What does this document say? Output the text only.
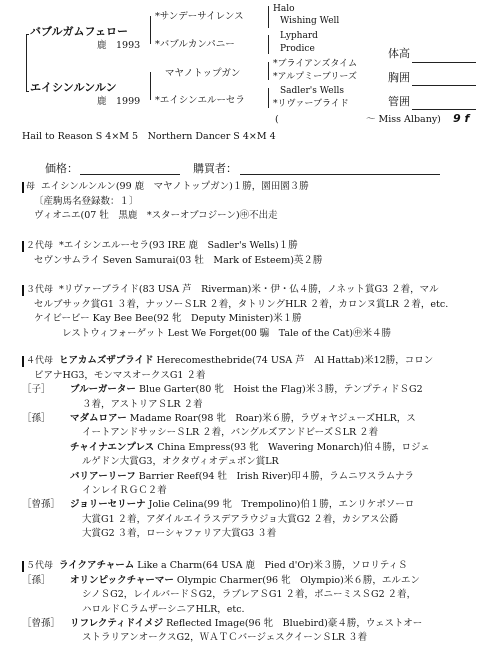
バブルガムフェロー
鹿　1993
エイシンルンルン
鹿　1999
*サンデーサイレンス
*バブルカンパニー
マヤノトップガン
*エイシンエルーセラ
Halo
Wishing Well
Lyphard
Prodice
*ブライアンズタイム
*アルプミーブリーズ
Sadler's Wells
*リヴァーブライド
(	～ Miss Albany) 9 f
体高
胸囲
管囲
Hail to Reason S 4×M 5　Northern Dancer S 4×M 4
価格：	購買者：
母 エイシンルンルン(99 鹿　マヤノトップガン)１勝，園田園３勝
〔産駒馬名登録数：１〕
ヴィオニエ(07 牡　黒鹿　*スターオブコジーン)㊥不出走
２代母 *エイシンエルーセラ(93 IRE 鹿　Sadler's Wells)１勝
セヴンサムライ Seven Samurai(03 牡　Mark of Esteem)英２勝
３代母 *リヴァーブライド(83 USA 芦　Riverman)米・伊・仏４勝，ノネット賞G3 ２着，マル
セルブサック賞G1 ３着，ナッソーＳLR ２着，タトリングHLR ２着，カロンヌ賞LR ２着，etc.
ケイビービー Kay Bee Bee(92 牝　Deputy Minister)米１勝
レストウィフォーゲット Lest We Forget(00 騸　Tale of the Cat)㊥米４勝
４代母 ヒアカムズザブライド Herecomesthebride(74 USA 芦　Al Hattab)米12勝，コロン
ビアナHG3，モンマスオークスG1 ２着
［子］ ブルーガーター Blue Garter(80 牝　Hoist the Flag)米３勝，テンプティドＳG2
３着，アストリアＳLR ２着
［孫］ マダムロアー Madame Roar(98 牝　Roar)米６勝，ラヴォヤジューズHLR，ス
イートアンドサッシーＳLR ２着，バングルズアンドビーズＳLR ２着
チャイナエンプレス China Empress(93 牝　Wavering Monarch)伯４勝，ロジェ
ルゲドン大賞G3，オクタヴィオデュボン賞LR
バリアーリーフ Barrier Reef(94 牡　Irish River)印４勝，ラムニワスラムナラ
インレイＲＧＣ２着
［曾孫］ ジョリーセリーナ Jolie Celina(99 牝　Trempolino)伯１勝，エンリケポソーロ
大賞G1 ２着，アダイルエイラスデアラウジョ大賞G2 ２着，カシアス公爵
大賞G2 ３着，ローシャファリア大賞G3 ３着
５代母 ライクアチャーム Like a Charm(64 USA 鹿　Pied d'Or)米３勝，ソロリティＳ
［孫］ オリンピックチャーマー Olympic Charmer(96 牝　Olympio)米６勝，エルエン
シノＳG2，レイルバードＳG2，ラブレアＳG1 ２着，ボニーミスＳG2 ２着，
ハロルドＣラムザーシニアHLR，etc.
［曾孫］ リフレクティドイメジ Reflected Image(96 牝　Bluebird)豪４勝，ウェストオー
ストラリアンオークスG2，ＷＡＴＣバージェスクイーンＳLR ３着
